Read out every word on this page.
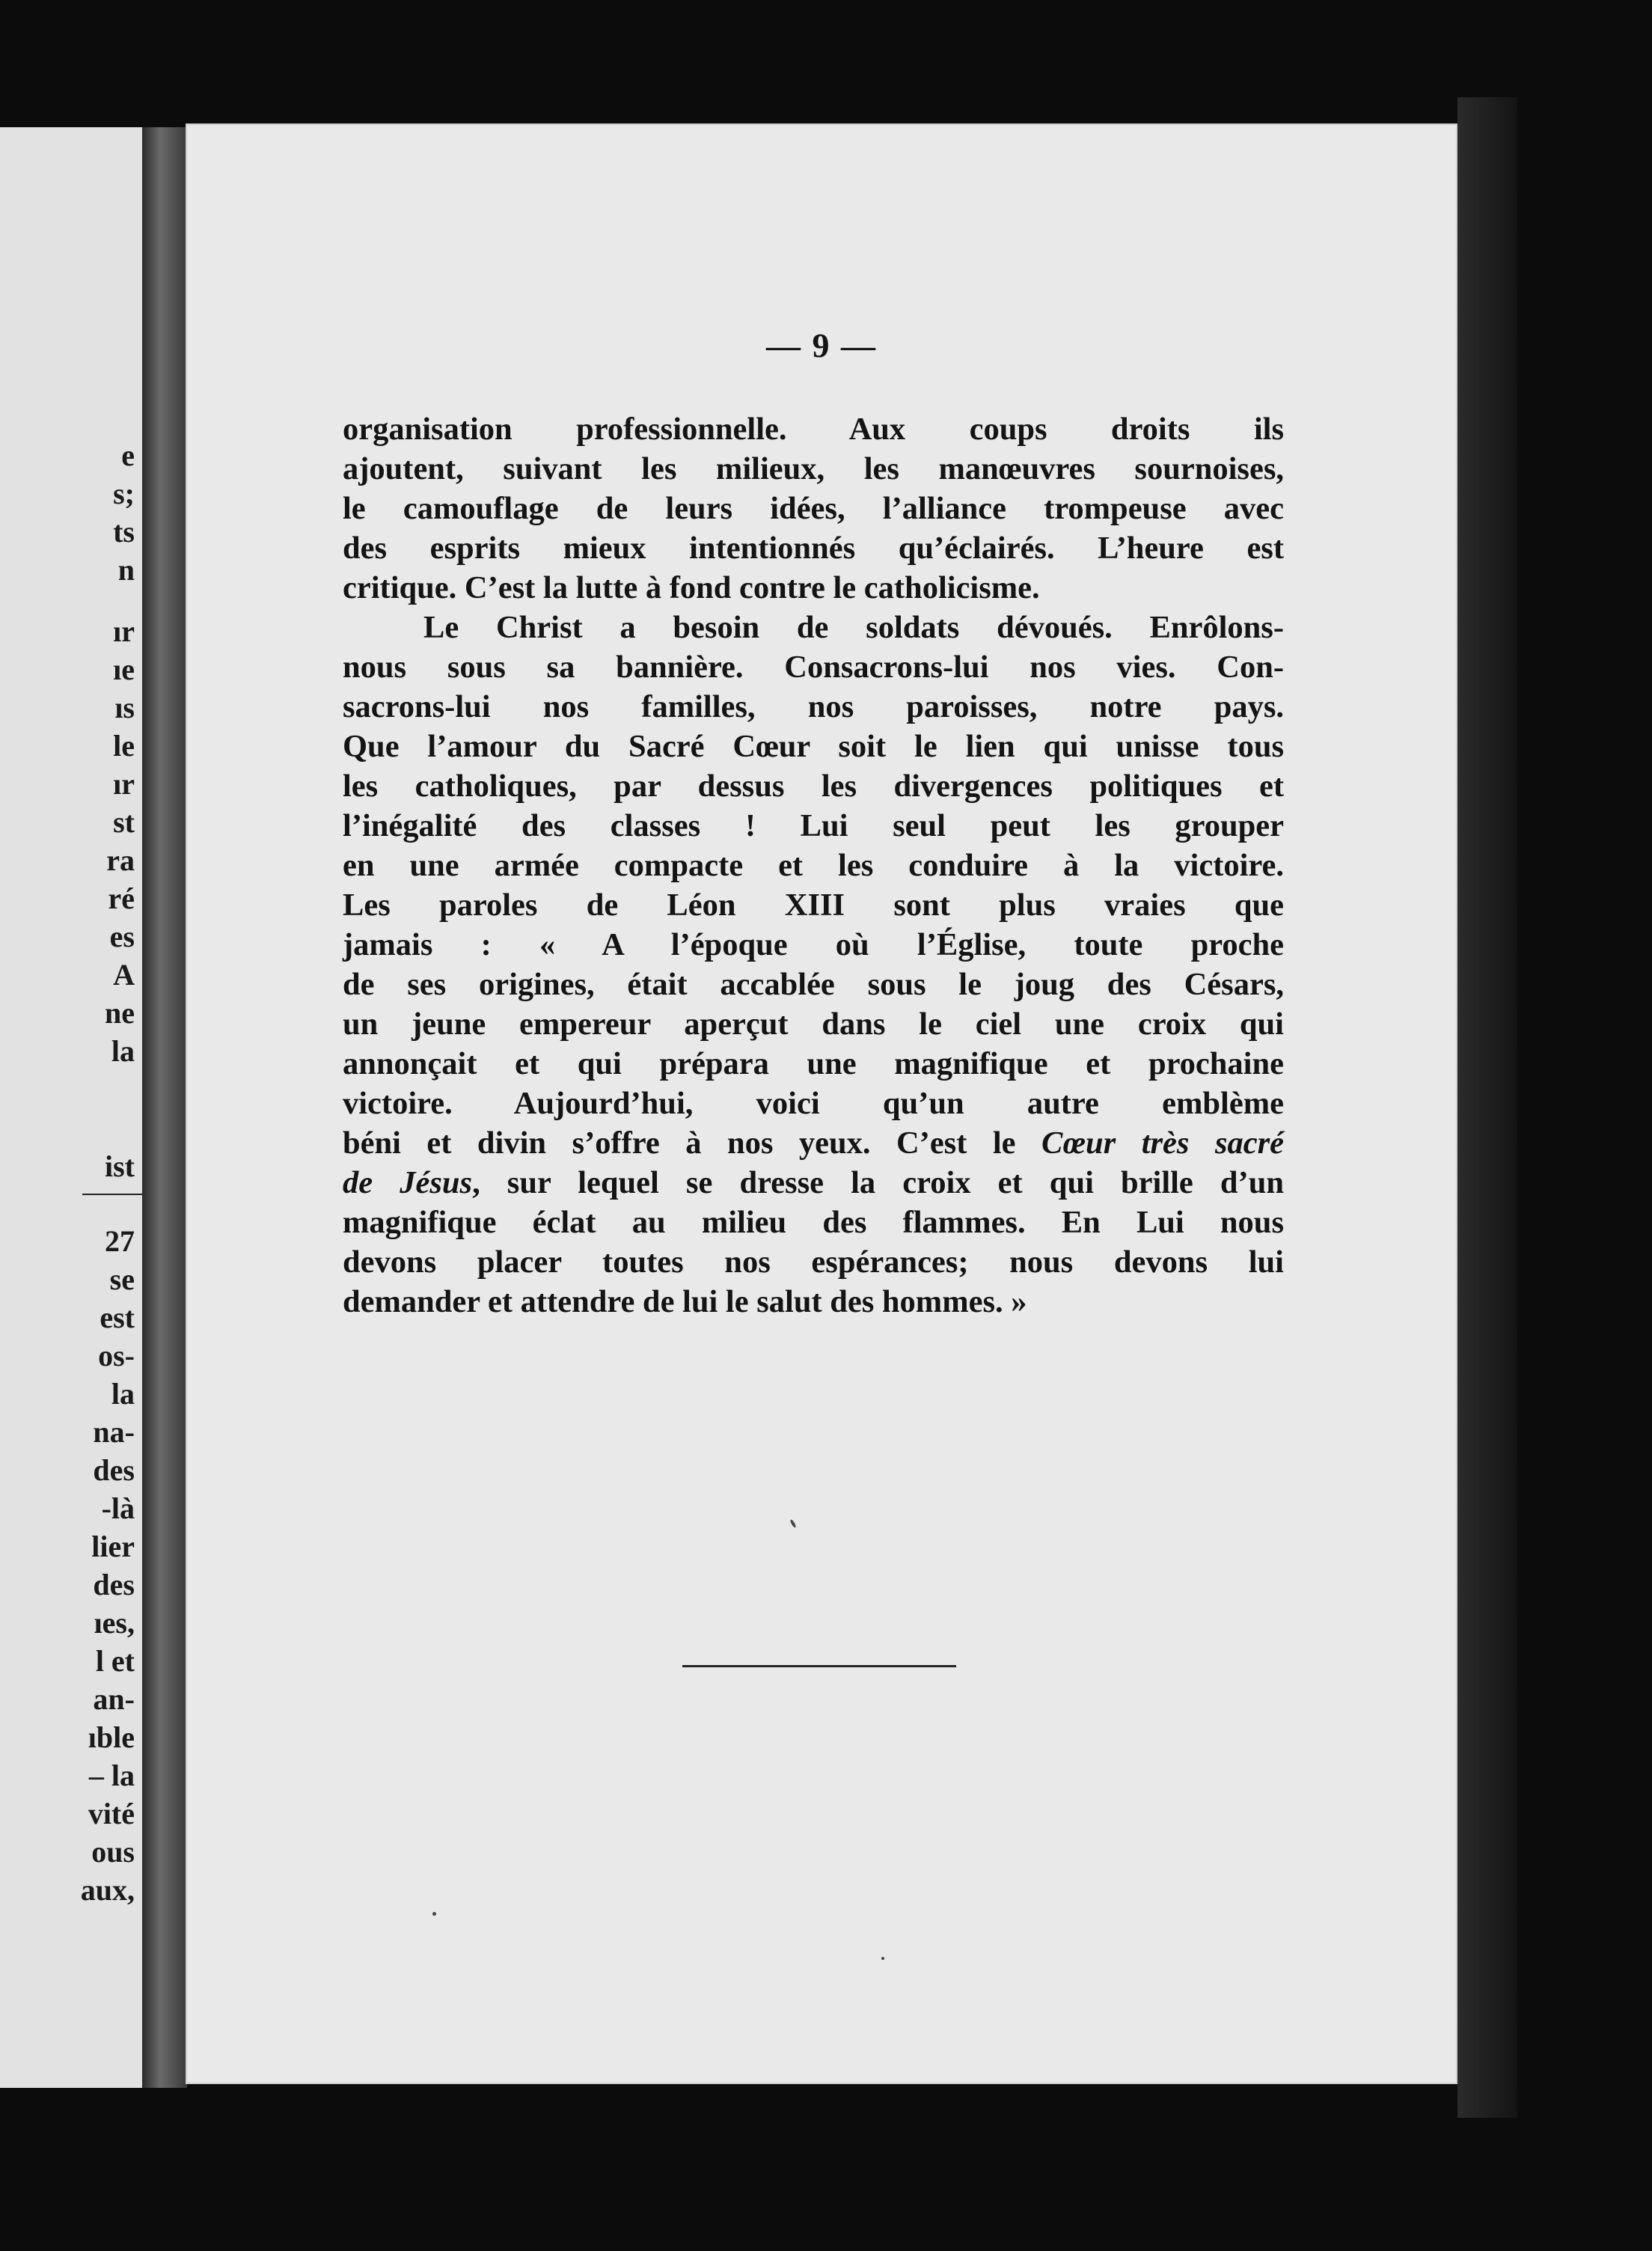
e
s;
ts
n
ır
ıe
ıs
le
ır
st
ra
ré
es
A
ne
la
ist
27
se
est
os-
la
na-
des
-là
lier
des
ıes,
l et
an-
ıble
– la
vité
ous
aux,
— 9 —
organisation professionnelle. Aux coups droits ils
ajoutent, suivant les milieux, les manœuvres sournoises,
le camouflage de leurs idées, l’alliance trompeuse avec
des esprits mieux intentionnés qu’éclairés. L’heure est
critique. C’est la lutte à fond contre le catholicisme.
Le Christ a besoin de soldats dévoués. Enrôlons-
nous sous sa bannière. Consacrons-lui nos vies. Con-
sacrons-lui nos familles, nos paroisses, notre pays.
Que l’amour du Sacré Cœur soit le lien qui unisse tous
les catholiques, par dessus les divergences politiques et
l’inégalité des classes ! Lui seul peut les grouper
en une armée compacte et les conduire à la victoire.
Les paroles de Léon XIII sont plus vraies que
jamais : « A l’époque où l’Église, toute proche
de ses origines, était accablée sous le joug des Césars,
un jeune empereur aperçut dans le ciel une croix qui
annonçait et qui prépara une magnifique et prochaine
victoire. Aujourd’hui, voici qu’un autre emblème
béni et divin s’offre à nos yeux. C’est le Cœur très sacré
de Jésus, sur lequel se dresse la croix et qui brille d’un
magnifique éclat au milieu des flammes. En Lui nous
devons placer toutes nos espérances; nous devons lui
demander et attendre de lui le salut des hommes. »
